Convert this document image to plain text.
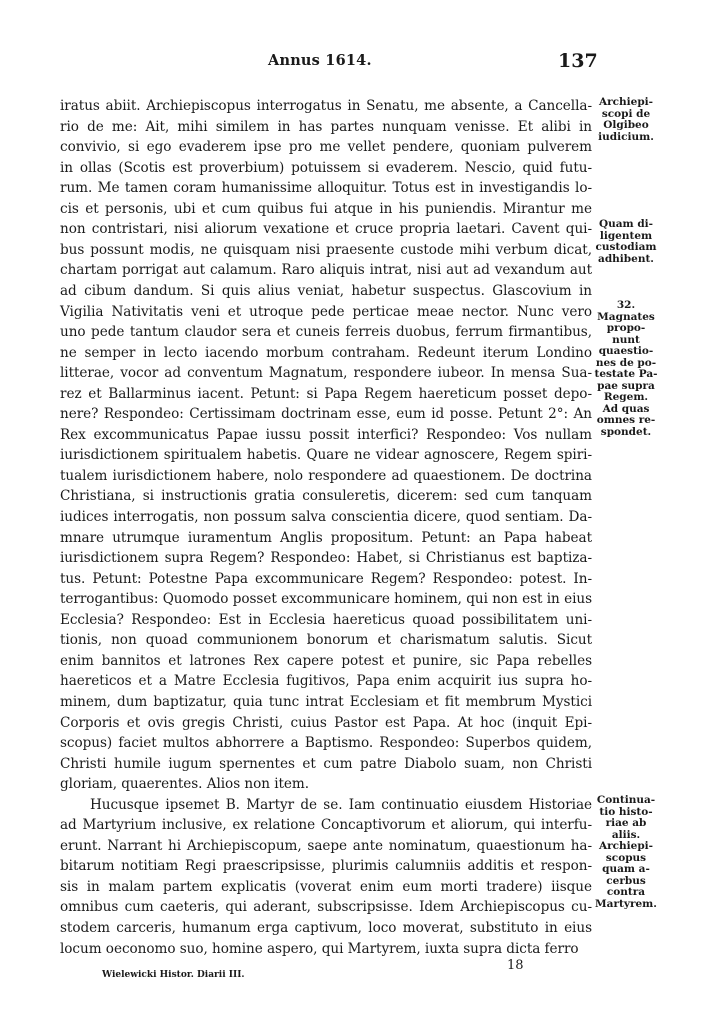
Annus 1614.	137
iratus abiit. Archiepiscopus interrogatus in Senatu, me absente, a Cancella-
rio de me: Ait, mihi similem in has partes nunquam venisse. Et alibi in
convivio, si ego evaderem ipse pro me vellet pendere, quoniam pulverem
in ollas (Scotis est proverbium) potuissem si evaderem. Nescio, quid futu-
rum. Me tamen coram humanissime alloquitur. Totus est in investigandis lo-
cis et personis, ubi et cum quibus fui atque in his puniendis. Mirantur me
non contristari, nisi aliorum vexatione et cruce propria laetari. Cavent qui-
bus possunt modis, ne quisquam nisi praesente custode mihi verbum dicat,
chartam porrigat aut calamum. Raro aliquis intrat, nisi aut ad vexandum aut
ad cibum dandum. Si quis alius veniat, habetur suspectus. Glascovium in
Vigilia Nativitatis veni et utroque pede perticae meae nector. Nunc vero
uno pede tantum claudor sera et cuneis ferreis duobus, ferrum firmantibus,
ne semper in lecto iacendo morbum contraham. Redeunt iterum Londino
litterae, vocor ad conventum Magnatum, respondere iubeor. In mensa Sua-
rez et Ballarminus iacent. Petunt: si Papa Regem haereticum posset depo-
nere? Respondeo: Certissimam doctrinam esse, eum id posse. Petunt 2°: An
Rex excommunicatus Papae iussu possit interfici? Respondeo: Vos nullam
iurisdictionem spiritualem habetis. Quare ne videar agnoscere, Regem spiri-
tualem iurisdictionem habere, nolo respondere ad quaestionem. De doctrina
Christiana, si instructionis gratia consuleretis, dicerem: sed cum tanquam
iudices interrogatis, non possum salva conscientia dicere, quod sentiam. Da-
mnare utrumque iuramentum Anglis propositum. Petunt: an Papa habeat
iurisdictionem supra Regem? Respondeo: Habet, si Christianus est baptiza-
tus. Petunt: Potestne Papa excommunicare Regem? Respondeo: potest. In-
terrogantibus: Quomodo posset excommunicare hominem, qui non est in eius
Ecclesia? Respondeo: Est in Ecclesia haereticus quoad possibilitatem uni-
tionis, non quoad communionem bonorum et charismatum salutis. Sicut
enim bannitos et latrones Rex capere potest et punire, sic Papa rebelles
haereticos et a Matre Ecclesia fugitivos, Papa enim acquirit ius supra ho-
minem, dum baptizatur, quia tunc intrat Ecclesiam et fit membrum Mystici
Corporis et ovis gregis Christi, cuius Pastor est Papa. At hoc (inquit Epi-
scopus) faciet multos abhorrere a Baptismo. Respondeo: Superbos quidem,
Christi humile iugum spernentes et cum patre Diabolo suam, non Christi
gloriam, quaerentes. Alios non item.
Hucusque ipsemet B. Martyr de se. Iam continuatio eiusdem Historiae
ad Martyrium inclusive, ex relatione Concaptivorum et aliorum, qui interfu-
erunt. Narrant hi Archiepiscopum, saepe ante nominatum, quaestionum ha-
bitarum notitiam Regi praescripsisse, plurimis calumniis additis et respon-
sis in malam partem explicatis (voverat enim eum morti tradere) iisque
omnibus cum caeteris, qui aderant, subscripsisse. Idem Archiepiscopus cu-
stodem carceris, humanum erga captivum, loco moverat, substituto in eius
locum oeconomo suo, homine aspero, qui Martyrem, iuxta supra dicta ferro
Archiepi-
scopi de
Olgibeo
iudicium.
Quam di-
ligentem
custodiam
adhibent.
32.
Magnates
propo-
nunt
quaestio-
nes de po-
testate Pa-
pae supra
Regem.
Ad quas
omnes re-
spondet.
Continua-
tio histo-
riae ab
aliis.
Archiepi-
scopus
quam a-
cerbus
contra
Martyrem.
Wielewicki Histor. Diarii III.
18
